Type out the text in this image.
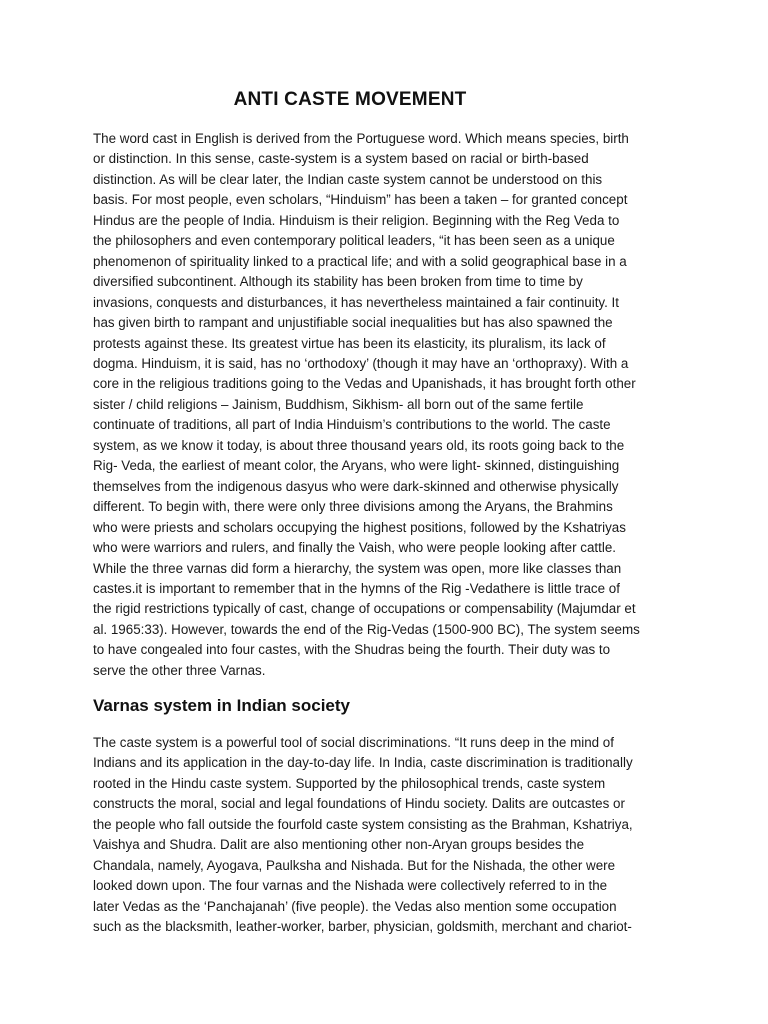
ANTI CASTE MOVEMENT
The word cast in English is derived from the Portuguese word. Which means species, birth
or distinction. In this sense, caste-system is a system based on racial or birth-based
distinction. As will be clear later, the Indian caste system cannot be understood on this
basis. For most people, even scholars, “Hinduism” has been a taken – for granted concept
Hindus are the people of India. Hinduism is their religion. Beginning with the Reg Veda to
the philosophers and even contemporary political leaders, “it has been seen as a unique
phenomenon of spirituality linked to a practical life; and with a solid geographical base in a
diversified subcontinent. Although its stability has been broken from time to time by
invasions, conquests and disturbances, it has nevertheless maintained a fair continuity. It
has given birth to rampant and unjustifiable social inequalities but has also spawned the
protests against these. Its greatest virtue has been its elasticity, its pluralism, its lack of
dogma. Hinduism, it is said, has no ‘orthodoxy’ (though it may have an ‘orthopraxy). With a
core in the religious traditions going to the Vedas and Upanishads, it has brought forth other
sister / child religions – Jainism, Buddhism, Sikhism- all born out of the same fertile
continuate of traditions, all part of India Hinduism’s contributions to the world. The caste
system, as we know it today, is about three thousand years old, its roots going back to the
Rig- Veda, the earliest of meant color, the Aryans, who were light- skinned, distinguishing
themselves from the indigenous dasyus who were dark-skinned and otherwise physically
different. To begin with, there were only three divisions among the Aryans, the Brahmins
who were priests and scholars occupying the highest positions, followed by the Kshatriyas
who were warriors and rulers, and finally the Vaish, who were people looking after cattle.
While the three varnas did form a hierarchy, the system was open, more like classes than
castes.it is important to remember that in the hymns of the Rig -Vedathere is little trace of
the rigid restrictions typically of cast, change of occupations or compensability (Majumdar et
al. 1965:33). However, towards the end of the Rig-Vedas (1500-900 BC), The system seems
to have congealed into four castes, with the Shudras being the fourth. Their duty was to
serve the other three Varnas.
Varnas system in Indian society
The caste system is a powerful tool of social discriminations. “It runs deep in the mind of
Indians and its application in the day-to-day life. In India, caste discrimination is traditionally
rooted in the Hindu caste system. Supported by the philosophical trends, caste system
constructs the moral, social and legal foundations of Hindu society. Dalits are outcastes or
the people who fall outside the fourfold caste system consisting as the Brahman, Kshatriya,
Vaishya and Shudra. Dalit are also mentioning other non-Aryan groups besides the
Chandala, namely, Ayogava, Paulksha and Nishada. But for the Nishada, the other were
looked down upon. The four varnas and the Nishada were collectively referred to in the
later Vedas as the ‘Panchajanah’ (five people). the Vedas also mention some occupation
such as the blacksmith, leather-worker, barber, physician, goldsmith, merchant and chariot-
